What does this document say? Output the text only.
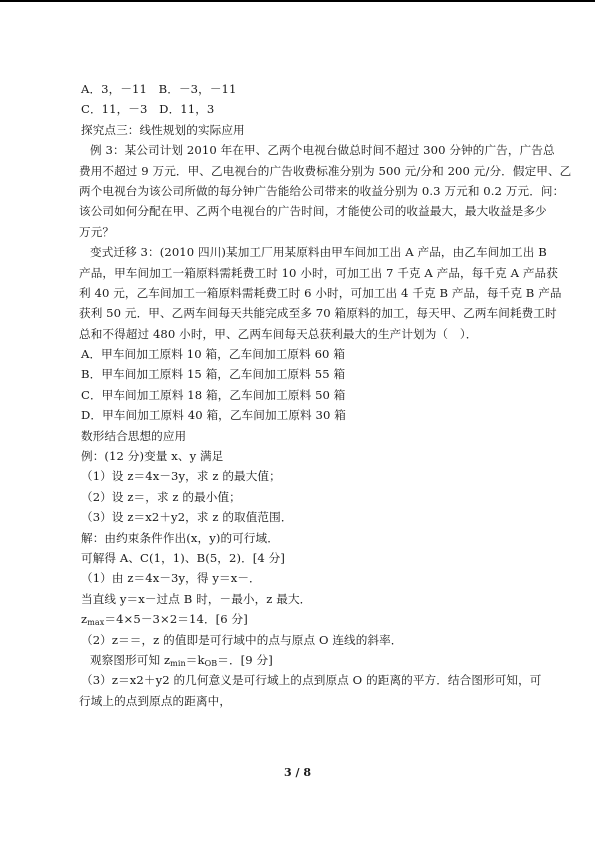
A．3，－11　B．－3，－11
C．11，－3　D．11，3
探究点三：线性规划的实际应用
例 3：某公司计划 2010 年在甲、乙两个电视台做总时间不超过 300 分钟的广告，广告总
费用不超过 9 万元．甲、乙电视台的广告收费标准分别为 500 元/分和 200 元/分．假定甲、乙
两个电视台为该公司所做的每分钟广告能给公司带来的收益分别为 0.3 万元和 0.2 万元．问：
该公司如何分配在甲、乙两个电视台的广告时间，才能使公司的收益最大，最大收益是多少
万元？
变式迁移 3：(2010 四川)某加工厂用某原料由甲车间加工出 A 产品，由乙车间加工出 B
产品，甲车间加工一箱原料需耗费工时 10 小时，可加工出 7 千克 A 产品，每千克 A 产品获
利 40 元，乙车间加工一箱原料需耗费工时 6 小时，可加工出 4 千克 B 产品，每千克 B 产品
获利 50 元．甲、乙两车间每天共能完成至多 70 箱原料的加工，每天甲、乙两车间耗费工时
总和不得超过 480 小时，甲、乙两车间每天总获利最大的生产计划为（　）．
A．甲车间加工原料 10 箱，乙车间加工原料 60 箱
B．甲车间加工原料 15 箱，乙车间加工原料 55 箱
C．甲车间加工原料 18 箱，乙车间加工原料 50 箱
D．甲车间加工原料 40 箱，乙车间加工原料 30 箱
数形结合思想的应用
例：(12 分)变量 x、y 满足
（1）设 z＝4x－3y，求 z 的最大值；
（2）设 z＝，求 z 的最小值；
（3）设 z＝x2＋y2，求 z 的取值范围．
解：由约束条件作出(x，y)的可行域．
可解得 A、C(1，1)、B(5，2)．[4 分]
（1）由 z＝4x－3y，得 y＝x－．
当直线 y＝x－过点 B 时，－最小，z 最大．
$z_{max}=4\times 5-3\times 2=14$．[6 分]
（2）z＝＝，z 的值即是可行域中的点与原点 O 连线的斜率．
观察图形可知 $z_{min}=k_{OB}=$．[9 分]
（3）z＝x2＋y2 的几何意义是可行域上的点到原点 O 的距离的平方．结合图形可知，可
行域上的点到原点的距离中，
3 / 8
